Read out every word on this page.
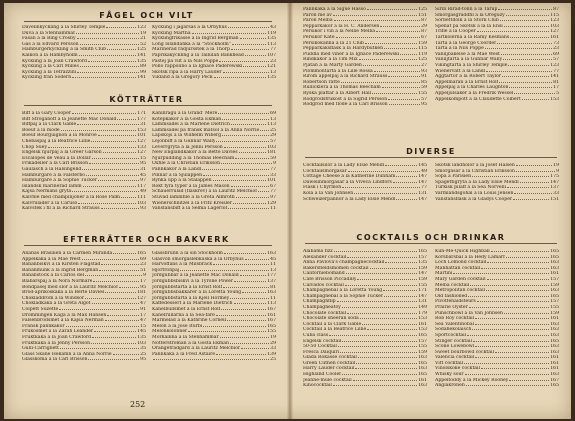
FÅGEL OCH VILT
Dävelinkyckling à la Shirley Temple	123
Duva à la Stenhammar	19
Fasan à la Bing Crosby	21
Gås à la Edvard Persson	52
Hamburgerkyckling à la Smith Club	125
Kalkon à la Hambyholm	141
Kyckling à la Joan Crawford	135
Kyckling à la Carl Milles	89
Kyckling à la Tetrazzini	99
Kyckling från Södern	141
Kyckling i jägarsås à la Orbyhus	43
Kyckling Märtha	119
Kycklingfrikassé à la Ingrid Bergman	135
Long Islandanka à la "Stockholm"	113
Marinerad rådjursstek à la Thorp	77
Paprikakyckling à la Tallulah Bankhead	107
Pastej på vilt à la Nils Poppe	23
Pollo rappolino à la Ignace Paderewski	121
Skotsk ripa à la Harry Lauder	13
Vildand à la Gregory Peck	135
KÖTTRÄTTER
Biff à la Gary Cooper	171
Biff Stroganoff à la Jeanette Mac Donald	177
Biffpaj à la Clark Gable	31
Boeuf à la mode	153
Boeuf Bourguignon à la Monroe	101
Chebaspaj à la Beatrice Lillie	127
Chop Suey	133
Engelsk njurpaj à la Greer Garson	127
Escalopes de Veau à la Dollar	15
Frikadeller à la Carl Brisson	95
Gaulasch à la Hälsingelid	31
Hamburgare à la Falsterbo	45
Hamburgare à la Sophie Tucker	97
Isländsk marinerad lamm	117
Kajsa Nermans gryta	49
Kalvfilé med champinjoner à la Rose Palm	111
Kalvrulader à la Caruso	103
Kalvstek i fil à la Richard Strauss	93
Kaninragu à la Grand' Mère	69
Kotepkakor à la Gösta Ekman	13
Lammsadel à la Marlene Dietrich	113
Lammsadel på fransk matsol à la Anna Norrie 25
Lapskojs à la Wilhelm Wiberg	29
Lejonbiff à la Gunnar Wally	57
Leverrgryta à la Jenni Persson	103
New Englandkakor à la Bette Davies	181
Njurpudding à la Thomas Beecham	59
Oxfilé à la Christian Eriksson	9
Pannkakor à la Landl	77
Pinnar à la Sjulappen	33
Rynka upp à la Stålappen	101
Rökt fyra typer à la James Mason	67
Schauerrulad (fläskrev) à la Lauritz Melchior	77
Stuvad lammfilé à la Greta Almroth	97
Wienerschnitzel à la Fritz Kreisler	129
Vänsfansbiff à la Selma Lagerlöf	11
EFTERRÄTTER OCH BAKVERK
Ananas Brasilien à la Carmen Miranda	165
Appelkaka à la Mae West	69
Bananbiskvi à la Kirsten Flagstad	23
Bananmunk à la Ingrid Bergman	51
Bananstock à la Carlos del	9
Blåbärspaj à la Nora Normare	17
Bondpasej med slör à la Lauritz Melchior	95
Bröd-aprikoskaka à la Berte Davies	181
Chokladdröm à la Windsor	127
Chokladkaka à la Greta Algot	47
Colpett Suzette	91
Drömmingen Kaga à la Max Hansen	17
Falsenbrodsmet à la Kajsa Nerman	47
Fransk pannkakor	15
Frukosmet à la Zarah Leander	145
Fruktkaka à la Joan Crawford	135
Fruktkaka à la Jenny Persson	103
Gulli-Carrigliett	35
Glass Skåne Hekamn à la Anna Norrie	25
Glasskoma à la Carl Brisson	95
Glassbrunn à la sin Stockholm	163
Glasvon smörgåslebkuska à la Orbyhus	45
Härvoffans à la Milsbräck	11
Hjortronpaj	13
Jordgubbar à la Jeanette Mac Donald	177
Jordgubbsbiskvi à la Tyrone Power	137
Jordgubbstårta à la Ernst Rolf	81
Jordgubbsbakkarer à la Loretta Young	163
Jordgubbstårta à la Kjell Hormey	11
Kaffedessert à la Marlene Dietrich	113
Kanelbullsmet à la Ernst Rolf	167
Kanelrullarna à la Sea-fare	161
Marmelad à la Kathrine Cornell	167
Melon à la José Iturbi	165
Melonkolonner	155
Morkallina à la Stenhammar	19
Nötterstroman à la Gösta Ekman	29
Orangeträdgård à la Lauritz Melchior	33
Pannkaka à la Fred Astaire	139
25
252
Pannkaka à la Sigue Hasso	125
Päron me av	151
Päron Melba	87
Pepparkakor à la H. C. Andersen	29
Persikor i vin à la Nellie Melba	87
Persikor Kate	67
Persikokanna à la 21 Club	159
Pepparkaksfläsk à la Hardybutken	115
Puddla med viner à la Ignace Paderewski	119
Rindkakor à la Tim Mix	125
Pjatan à la Marty Garden	27
Plommontårta à la Lille Rossa	93
Rirom äppelpaj à la Richard Strauss	91
Robertson rätte	85
Rullicklera à la Thomas Beecham	59
Ryska plättar à la Albert Hall	155
Rödgrödsfrukost à la Sigrid Persson	57
Rödgröd med flöde à la Carl Brisson	95
Sirin Rirad-tönn à la Tarup	87
Smörgåsgräddfil à la Oreguzy	115
Sorbettdölk à la Stork Club	123
Spenat på Skotsk à la la Ensi	103
Trifle à la Cooper	127
Tårtkolerna à la Ramy Kesmans	161
Tårta à la George Coorder	73
Tårta à la Nils Poppe	23
Vaniljbakelse à la Mae West	69
Vaniljtårta à la Gunnar Wally	57
Vikingtårta à la Shirley Temple	123
Wienervatt à la Landl	77
Äggtårtor à la Robert Taylor	141
Äppelmaran à la Ernst Rolf	81
Äppelpaj à la Charles Laughton	17
Äppeljulsaker à la Fredrik Wessel	5
Äppelkompott à la Claudette Colbert	153
DIVERSE
Cocktailsilor à la Lady Elsie Mendl	145
Cocktailsmörgåsar	49
Cottage Cheese à la Katherine Dunham	147
Däwelinmörgåsar à la Viveca Lindfors	147
Fläsk i Chyrmon	77
Kola à la Van Johnsen	131
Schweizerpannor à la Lady Elsie Mendl	147
Skotsk landhölor à la Josef Halsen	19
Smörgåsar à la Christian Eriksson	9
Sopå à Parisien	175
Spagettigryta à la Lady Elsie Mendl	147
Turkisk pilaff à la Sea Norvelli	137
Varmlandsgöhål à la Louis Jensen	33
Vänsfansfläsk à la Gladys Cooper	151
COCKTAILS OCH DRINKAR
Alabama fizz	165
Alexander cocktail	157
Anna Pavlova's champagnecocktail	135
Bakersfieldsmomen cocktail	159
Californiebomand	147
Cafe Brisson Piccadilly	159
Calvados cocktail	155
Champagnebål à la Loretta Young	171
Champagnebål à la Sophie Tucker	147
Champagnflip	131
Champagneatoy	149
Chocolate cocktail	179
Chocolate sheeran soda	153
Cocktail à la Clark Gable	161
Cocktail à la Beatrice Lillie	153
Cuba class	165
Engelsk cocktail	157
50-50 Cocktail	155
Fresca Daiquiri	159
Glada Rokasse cocktail	163
Green Cuthen cocktail	165
Harry Lauder cocktail	163
Highland Cooler	165
Jeanne-mule cocktail	161
Kinococktail	163
Kun-Me-Quick Highball	165
Körsbärsbål à la Hedy Lamarr	165
Loch Lomond cocktail	163
Manhattan cocktail	163
Martini	161
Mary Garden cocktail	157
Melba cocktail	159
Metropolitan cocktail	163
Old fashioned	165
Pivotfenaidsteurs	157
Prairie Oyster	155
Punschbowl à la Van Johnsen	159
Rob Roy cocktail	161
Sea Valentinobål	163
Sodahekolaisch	163
Sportcocktail	163
Stinger cocktail	165
Scone Lowebowl	163
Sweet bourbowd cocktail	163
Valencia cocktail	161
Vitt cocktail	161
Vinölskoke cocktail	161
Whisky sour	163
Äppeltoddy à la Mickey Rooney	167
Änglakronen	165
